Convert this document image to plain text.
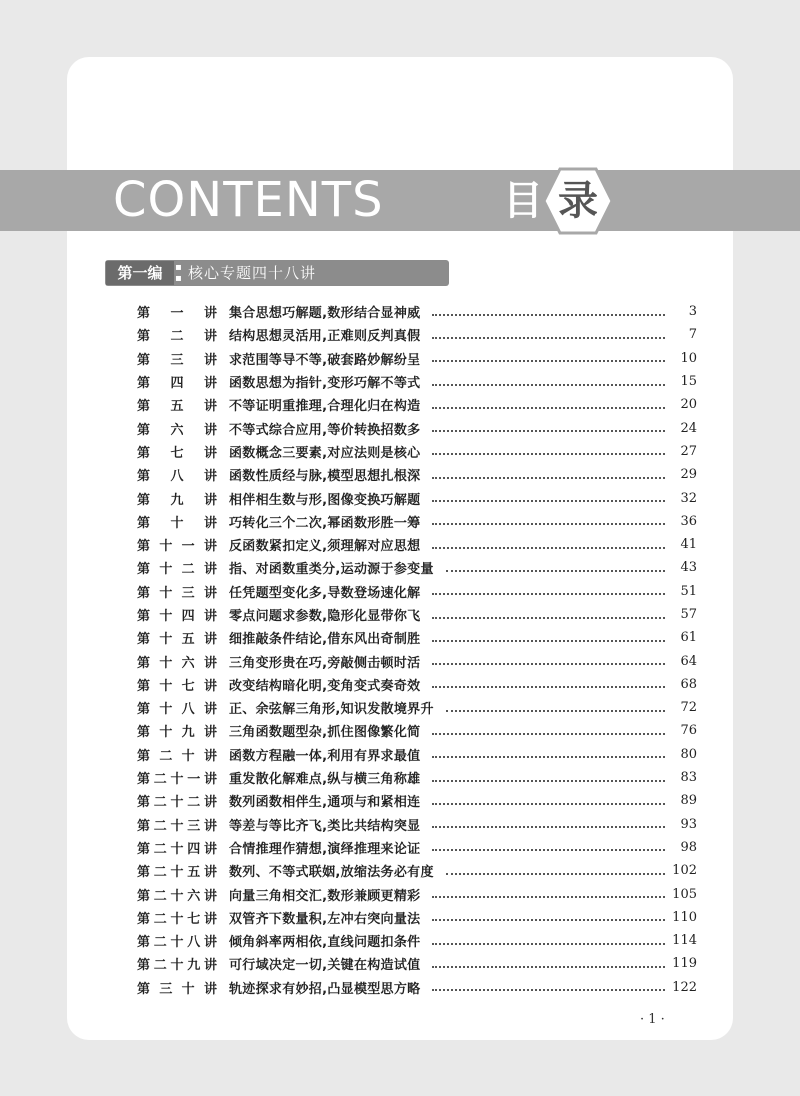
CONTENTS	目 录
第一编	▪
▪ 核心专题四十八讲
第 一 讲 集合思想巧解题,数形结合显神威	3
第 二 讲 结构思想灵活用,正难则反判真假	7
第 三 讲 求范围等导不等,破套路妙解纷呈	10
第 四 讲 函数思想为指针,变形巧解不等式	15
第 五 讲 不等证明重推理,合理化归在构造	20
第 六 讲 不等式综合应用,等价转换招数多	24
第 七 讲 函数概念三要素,对应法则是核心	27
第 八 讲 函数性质经与脉,模型思想扎根深	29
第 九 讲 相伴相生数与形,图像变换巧解题	32
第 十 讲 巧转化三个二次,幂函数形胜一筹	36
第 十 一 讲 反函数紧扣定义,须理解对应思想	41
第 十 二 讲 指、对函数重类分,运动源于参变量	43
第 十 三 讲 任凭题型变化多,导数登场速化解	51
第 十 四 讲 零点问题求参数,隐形化显带你飞	57
第 十 五 讲 细推敲条件结论,借东风出奇制胜	61
第 十 六 讲 三角变形贵在巧,旁敲侧击顿时活	64
第 十 七 讲 改变结构暗化明,变角变式奏奇效	68
第 十 八 讲 正、余弦解三角形,知识发散境界升	72
第 十 九 讲 三角函数题型杂,抓住图像繁化简	76
第 二 十 讲 函数方程融一体,利用有界求最值	80
第 二 十 一 讲 重发散化解难点,纵与横三角称雄	83
第 二 十 二 讲 数列函数相伴生,通项与和紧相连	89
第 二 十 三 讲 等差与等比齐飞,类比共结构突显	93
第 二 十 四 讲 合情推理作猜想,演绎推理来论证	98
第 二 十 五 讲 数列、不等式联姻,放缩法务必有度	102
第 二 十 六 讲 向量三角相交汇,数形兼顾更精彩	105
第 二 十 七 讲 双管齐下数量积,左冲右突向量法	110
第 二 十 八 讲 倾角斜率两相依,直线问题扣条件	114
第 二 十 九 讲 可行域决定一切,关键在构造试值	119
第 三 十 讲 轨迹探求有妙招,凸显模型思方略	122
· 1 ·
